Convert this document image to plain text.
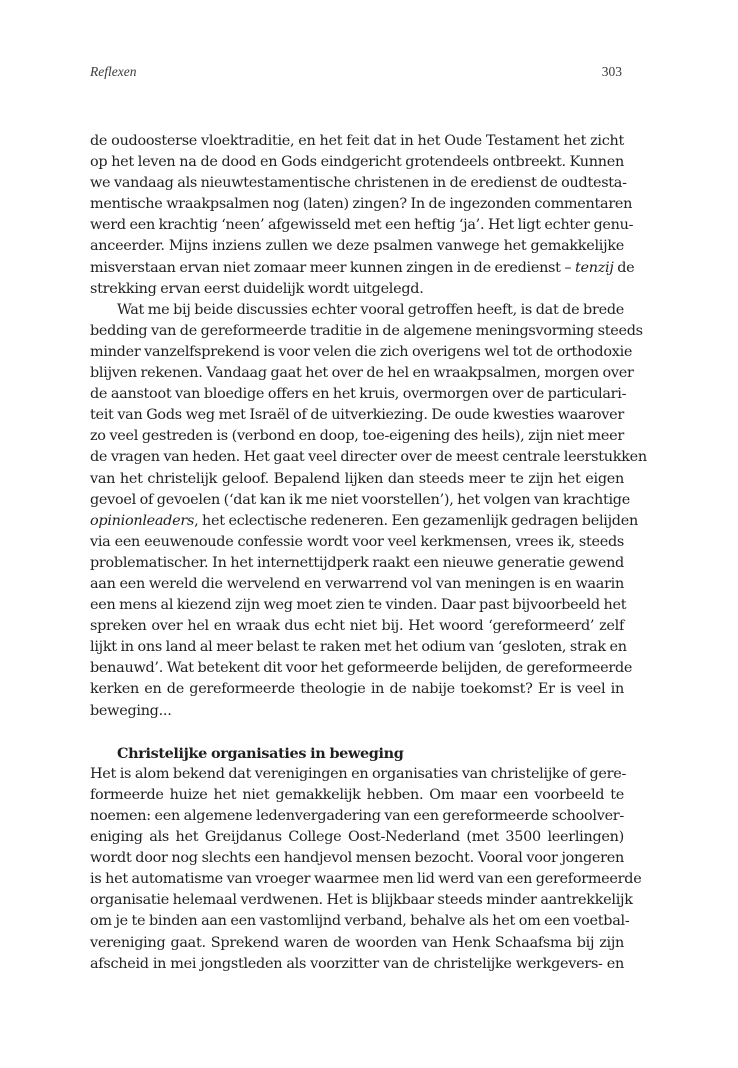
Reflexen	303
de oudoosterse vloektraditie, en het feit dat in het Oude Testament het zicht
op het leven na de dood en Gods eindgericht grotendeels ontbreekt. Kunnen
we vandaag als nieuwtestamentische christenen in de eredienst de oudtesta-
mentische wraakpsalmen nog (laten) zingen? In de ingezonden commentaren
werd een krachtig ‘neen’ afgewisseld met een heftig ‘ja’. Het ligt echter genu-
anceerder. Mijns inziens zullen we deze psalmen vanwege het gemakkelijke
misverstaan ervan niet zomaar meer kunnen zingen in de eredienst – tenzij de
strekking ervan eerst duidelijk wordt uitgelegd.
Wat me bij beide discussies echter vooral getroffen heeft, is dat de brede
bedding van de gereformeerde traditie in de algemene meningsvorming steeds
minder vanzelfsprekend is voor velen die zich overigens wel tot de orthodoxie
blijven rekenen. Vandaag gaat het over de hel en wraakpsalmen, morgen over
de aanstoot van bloedige offers en het kruis, overmorgen over de particulari-
teit van Gods weg met Israël of de uitverkiezing. De oude kwesties waarover
zo veel gestreden is (verbond en doop, toe-eigening des heils), zijn niet meer
de vragen van heden. Het gaat veel directer over de meest centrale leerstukken
van het christelijk geloof. Bepalend lijken dan steeds meer te zijn het eigen
gevoel of gevoelen (‘dat kan ik me niet voorstellen’), het volgen van krachtige
opinionleaders, het eclectische redeneren. Een gezamenlijk gedragen belijden
via een eeuwenoude confessie wordt voor veel kerkmensen, vrees ik, steeds
problematischer. In het internettijdperk raakt een nieuwe generatie gewend
aan een wereld die wervelend en verwarrend vol van meningen is en waarin
een mens al kiezend zijn weg moet zien te vinden. Daar past bijvoorbeeld het
spreken over hel en wraak dus echt niet bij. Het woord ‘gereformeerd’ zelf
lijkt in ons land al meer belast te raken met het odium van ‘gesloten, strak en
benauwd’. Wat betekent dit voor het geformeerde belijden, de gereformeerde
kerken en de gereformeerde theologie in de nabije toekomst? Er is veel in
beweging...
Christelijke organisaties in beweging
Het is alom bekend dat verenigingen en organisaties van christelijke of gere-
formeerde huize het niet gemakkelijk hebben. Om maar een voorbeeld te
noemen: een algemene ledenvergadering van een gereformeerde schoolver-
eniging als het Greijdanus College Oost-Nederland (met 3500 leerlingen)
wordt door nog slechts een handjevol mensen bezocht. Vooral voor jongeren
is het automatisme van vroeger waarmee men lid werd van een gereformeerde
organisatie helemaal verdwenen. Het is blijkbaar steeds minder aantrekkelijk
om je te binden aan een vastomlijnd verband, behalve als het om een voetbal-
vereniging gaat. Sprekend waren de woorden van Henk Schaafsma bij zijn
afscheid in mei jongstleden als voorzitter van de christelijke werkgevers- en
